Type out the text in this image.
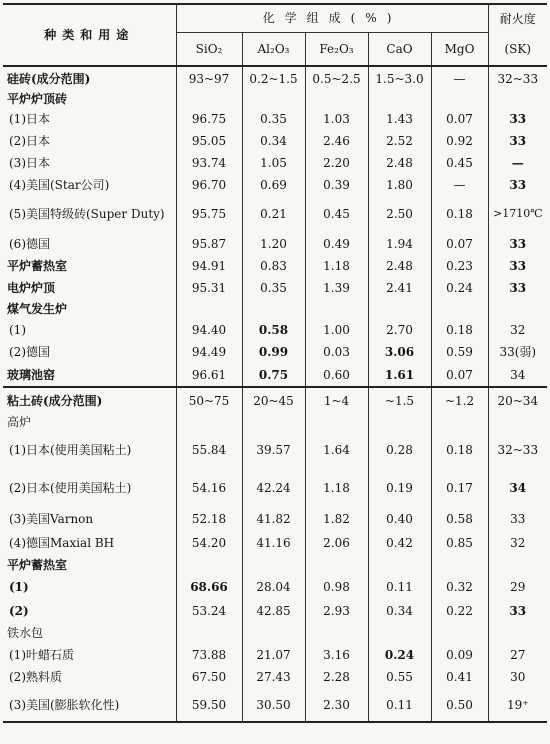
种类和用途	化学组成(%)					耐火度
	SiO₂	Al₂O₃	Fe₂O₃	CaO	MgO	(SK)
硅砖(成分范围)	93~97	0.2~1.5	0.5~2.5	1.5~3.0	—	32~33
平炉炉顶砖						
(1)日本	96.75	0.35	1.03	1.43	0.07	33
(2)日本	95.05	0.34	2.46	2.52	0.92	33
(3)日本	93.74	1.05	2.20	2.48	0.45	—
(4)美国(Star公司)	96.70	0.69	0.39	1.80	—	33
(5)美国特级砖(Super Duty)	95.75	0.21	0.45	2.50	0.18	>1710℃
(6)德国	95.87	1.20	0.49	1.94	0.07	33
平炉蓄热室	94.91	0.83	1.18	2.48	0.23	33
电炉炉顶	95.31	0.35	1.39	2.41	0.24	33
煤气发生炉						
(1)	94.40	0.58	1.00	2.70	0.18	32
(2)德国	94.49	0.99	0.03	3.06	0.59	33(弱)
玻璃池窑	96.61	0.75	0.60	1.61	0.07	34
粘土砖(成分范围)	50~75	20~45	1~4	~1.5	~1.2	20~34
高炉						
(1)日本(使用美国粘土)	55.84	39.57	1.64	0.28	0.18	32~33
(2)日本(使用美国粘土)	54.16	42.24	1.18	0.19	0.17	34
(3)美国Varnon	52.18	41.82	1.82	0.40	0.58	33
(4)德国Maxial BH	54.20	41.16	2.06	0.42	0.85	32
平炉蓄热室						
(1)	68.66	28.04	0.98	0.11	0.32	29
(2)	53.24	42.85	2.93	0.34	0.22	33
铁水包						
(1)叶蜡石质	73.88	21.07	3.16	0.24	0.09	27
(2)熟料质	67.50	27.43	2.28	0.55	0.41	30
(3)美国(膨胀软化性)	59.50	30.50	2.30	0.11	0.50	19⁺
